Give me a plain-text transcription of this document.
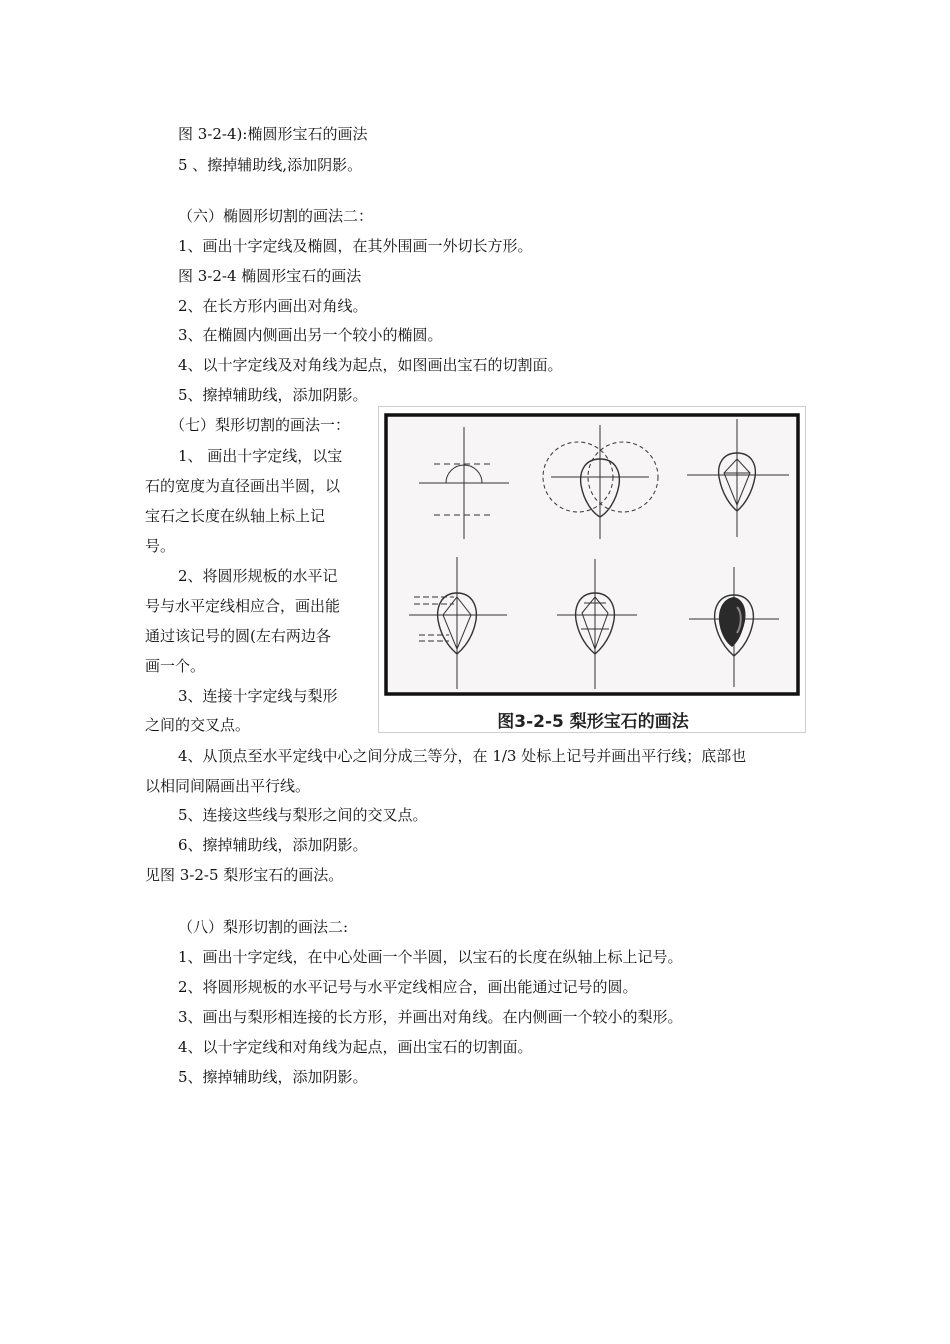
图 3-2-4):椭圆形宝石的画法
5 、擦掉辅助线,添加阴影。
（六）椭圆形切割的画法二：
1、画出十字定线及椭圆，在其外围画一外切长方形。
图 3-2-4 椭圆形宝石的画法
2、在长方形内画出对角线。
3、在椭圆内侧画出另一个较小的椭圆。
4、以十字定线及对角线为起点，如图画出宝石的切割面。
5、擦掉辅助线，添加阴影。
（七）梨形切割的画法一：
1、 画出十字定线，以宝
石的宽度为直径画出半圆，以
宝石之长度在纵轴上标上记
号。
2、将圆形规板的水平记
号与水平定线相应合，画出能
通过该记号的圆(左右两边各
画一个。
3、连接十字定线与梨形
之间的交叉点。
4、从顶点至水平定线中心之间分成三等分，在 1/3 处标上记号并画出平行线；底部也
以相同间隔画出平行线。
5、连接这些线与梨形之间的交叉点。
6、擦掉辅助线，添加阴影。
见图 3-2-5 梨形宝石的画法。
图3-2-5 梨形宝石的画法
（八）梨形切割的画法二:
1、画出十字定线，在中心处画一个半圆，以宝石的长度在纵轴上标上记号。
2、将圆形规板的水平记号与水平定线相应合，画出能通过记号的圆。
3、画出与梨形相连接的长方形，并画出对角线。在内侧画一个较小的梨形。
4、以十字定线和对角线为起点，画出宝石的切割面。
5、擦掉辅助线，添加阴影。
